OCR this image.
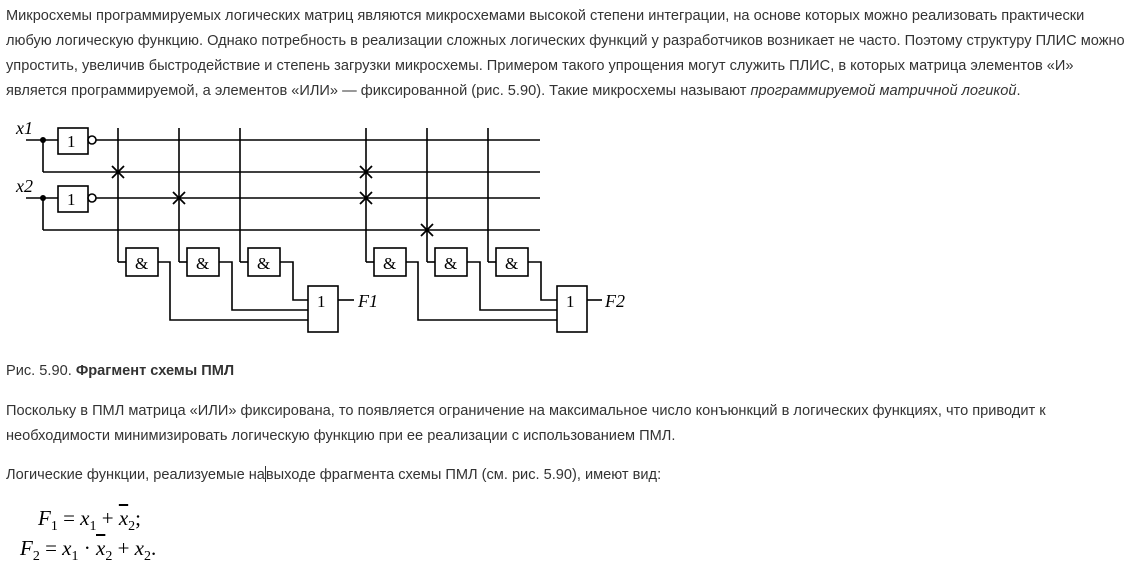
Микросхемы программируемых логических матриц являются микросхемами высокой степени интеграции, на основе которых можно реализовать практически любую логическую функцию. Однако потребность в реализации сложных логических функций у разработчиков возникает не часто. Поэтому структуру ПЛИС можно упростить, увеличив быстродействие и степень загрузки микросхемы. Примером такого упрощения могут служить ПЛИС, в которых матрица элементов «И» является программируемой, а элементов «ИЛИ» — фиксированной (рис. 5.90). Такие микросхемы называют программируемой матричной логикой.

x1
x2
1
1
&	&	&	&	&	&
1	1
F1	F2

Рис. 5.90. Фрагмент схемы ПМЛ

Поскольку в ПМЛ матрица «ИЛИ» фиксирована, то появляется ограничение на максимальное число конъюнкций в логических функциях, что приводит к необходимости минимизировать логическую функцию при ее реализации с использованием ПМЛ.

Логические функции, реализуемые навыходе фрагмента схемы ПМЛ (см. рис. 5.90), имеют вид:

$F_1 = x_1 + \overline{x}_2$;
$F_2 = x_1 \cdot \overline{x}_2 + x_2$.
